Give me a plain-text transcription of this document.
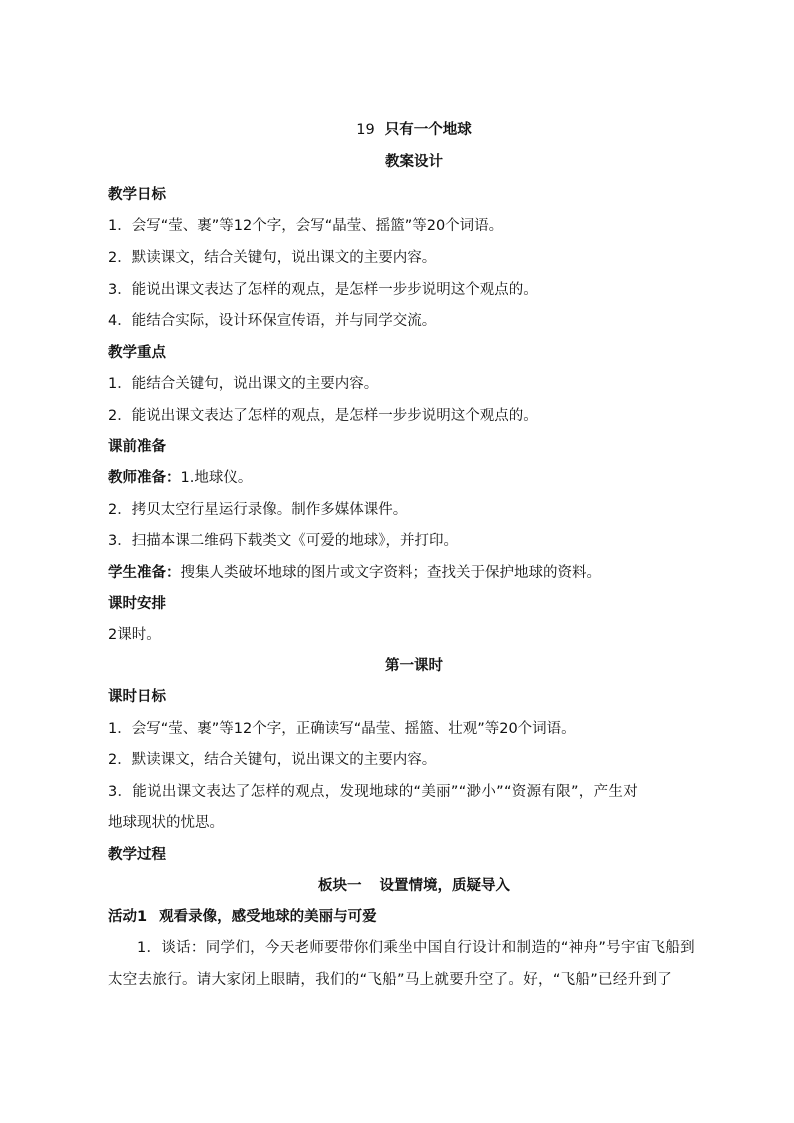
19 只有一个地球
教案设计
教学日标
1．会写“莹、裹”等12个字，会写“晶莹、摇篮”等20个词语。
2．默读课文，结合关键句，说出课文的主要内容。
3．能说出课文表达了怎样的观点，是怎样一步步说明这个观点的。
4．能结合实际，设计环保宣传语，并与同学交流。
教学重点
1．能结合关键句，说出课文的主要内容。
2．能说出课文表达了怎样的观点，是怎样一步步说明这个观点的。
课前准备
教师准备：1.地球仪。
2．拷贝太空行星运行录像。制作多媒体课件。
3．扫描本课二维码下载类文《可爱的地球》，并打印。
学生准备：搜集人类破坏地球的图片或文字资料；查找关于保护地球的资料。
课时安排
2课时。
第一课时
课时日标
1．会写“莹、裹”等12个字，正确读写“晶莹、摇篮、壮观”等20个词语。
2．默读课文，结合关键句，说出课文的主要内容。
3．能说出课文表达了怎样的观点，发现地球的“美丽”“渺小”“资源有限”，产生对
地球现状的忧思。
教学过程
板块一 设置情境，质疑导入
活动1 观看录像，感受地球的美丽与可爱
1．谈话：同学们，今天老师要带你们乘坐中国自行设计和制造的“神舟”号宇宙飞船到
太空去旅行。请大家闭上眼睛，我们的“飞船”马上就要升空了。好，“飞船”已经升到了
